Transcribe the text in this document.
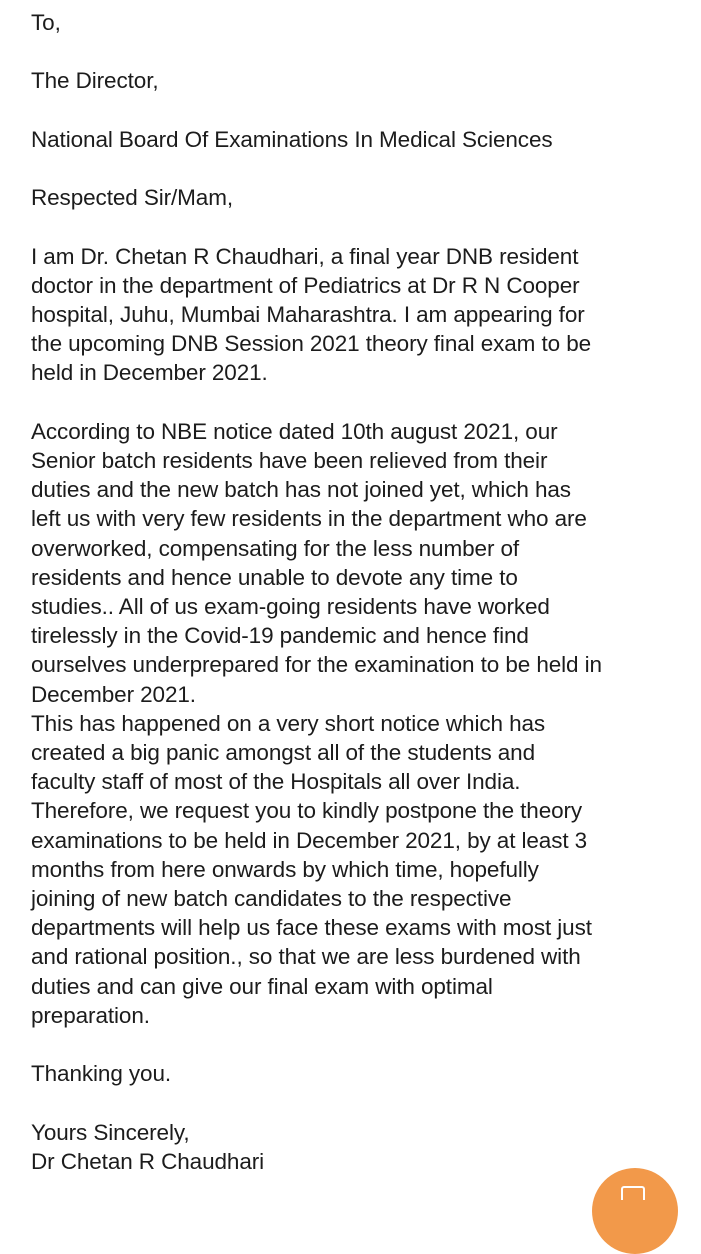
To,
The Director,
National Board Of Examinations In Medical Sciences
Respected Sir/Mam,
I am Dr. Chetan R Chaudhari, a final year DNB resident
doctor in the department of Pediatrics at Dr R N Cooper
hospital, Juhu, Mumbai Maharashtra. I am appearing for
the upcoming DNB Session 2021 theory final exam to be
held in December 2021.
According to NBE notice dated 10th august 2021, our
Senior batch residents have been relieved from their
duties and the new batch has not joined yet, which has
left us with very few residents in the department who are
overworked, compensating for the less number of
residents and hence unable to devote any time to
studies.. All of us exam-going residents have worked
tirelessly in the Covid-19 pandemic and hence find
ourselves underprepared for the examination to be held in
December 2021.
This has happened on a very short notice which has
created a big panic amongst all of the students and
faculty staff of most of the Hospitals all over India.
Therefore, we request you to kindly postpone the theory
examinations to be held in December 2021, by at least 3
months from here onwards by which time, hopefully
joining of new batch candidates to the respective
departments will help us face these exams with most just
and rational position., so that we are less burdened with
duties and can give our final exam with optimal
preparation.
Thanking you.
Yours Sincerely,
Dr Chetan R Chaudhari
